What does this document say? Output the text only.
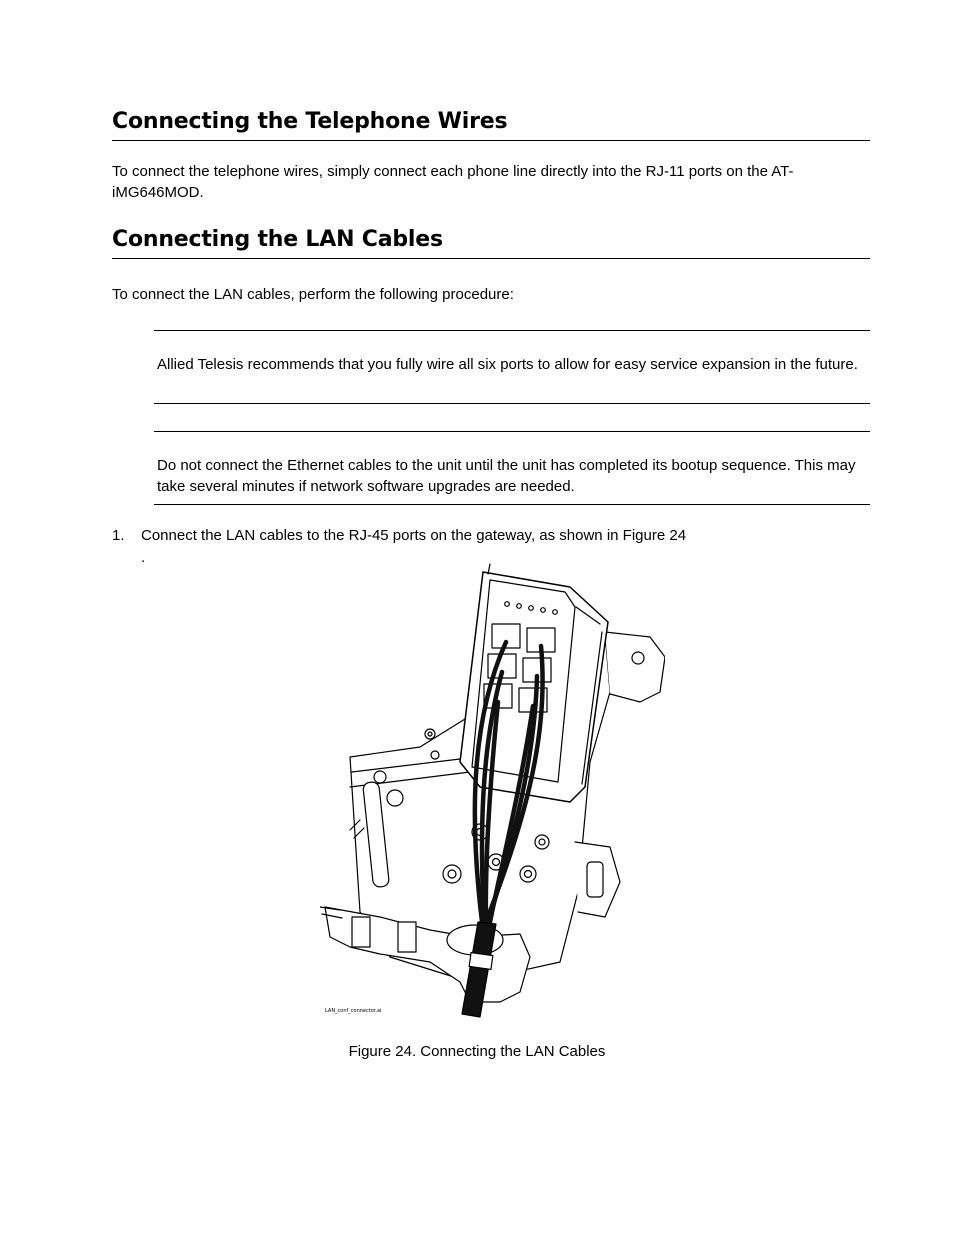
Connecting the Telephone Wires

To connect the telephone wires, simply connect each phone line directly into the RJ-11 ports on the AT-iMG646MOD.

Connecting the LAN Cables

To connect the LAN cables, perform the following procedure:

Allied Telesis recommends that you fully wire all six ports to allow for easy service expansion in the future.

Do not connect the Ethernet cables to the unit until the unit has completed its bootup sequence. This may take several minutes if network software upgrades are needed.

1. Connect the LAN cables to the RJ-45 ports on the gateway, as shown in Figure 24
.
LAN_conf_connector.ai
Figure 24. Connecting the LAN Cables
